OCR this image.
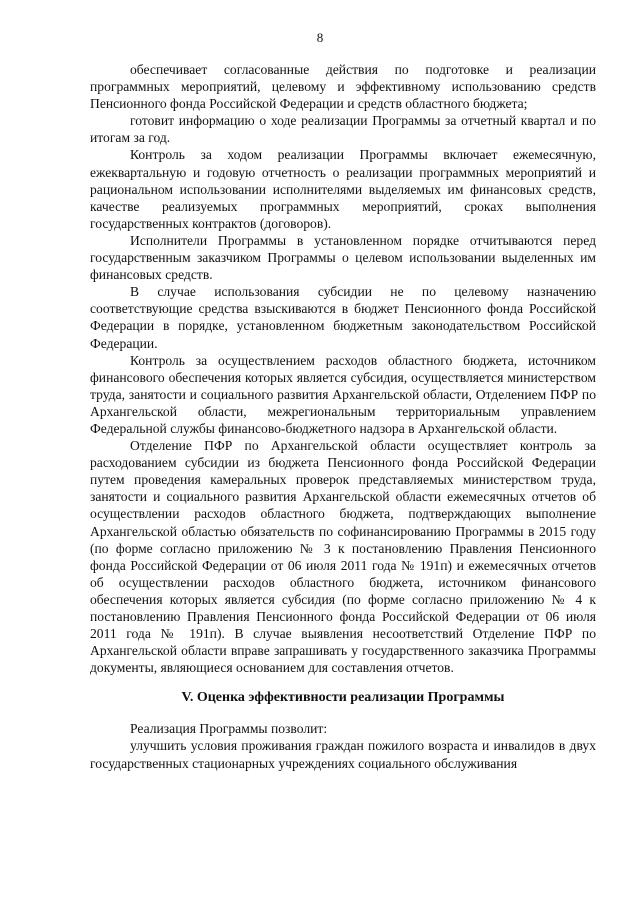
8

обеспечивает согласованные действия по подготовке и реализации программных мероприятий, целевому и эффективному использованию средств Пенсионного фонда Российской Федерации и средств областного бюджета;

готовит информацию о ходе реализации Программы за отчетный квартал и по итогам за год.

Контроль за ходом реализации Программы включает ежемесячную, ежеквартальную и годовую отчетность о реализации программных мероприятий и рациональном использовании исполнителями выделяемых им финансовых средств, качестве реализуемых программных мероприятий, сроках выполнения государственных контрактов (договоров).

Исполнители Программы в установленном порядке отчитываются перед государственным заказчиком Программы о целевом использовании выделенных им финансовых средств.

В случае использования субсидии не по целевому назначению соответствующие средства взыскиваются в бюджет Пенсионного фонда Российской Федерации в порядке, установленном бюджетным законодательством Российской Федерации.

Контроль за осуществлением расходов областного бюджета, источником финансового обеспечения которых является субсидия, осуществляется министерством труда, занятости и социального развития Архангельской области, Отделением ПФР по Архангельской области, межрегиональным территориальным управлением Федеральной службы финансово-бюджетного надзора в Архангельской области.

Отделение ПФР по Архангельской области осуществляет контроль за расходованием субсидии из бюджета Пенсионного фонда Российской Федерации путем проведения камеральных проверок представляемых министерством труда, занятости и социального развития Архангельской области ежемесячных отчетов об осуществлении расходов областного бюджета, подтверждающих выполнение Архангельской областью обязательств по софинансированию Программы в 2015 году (по форме согласно приложению № 3 к постановлению Правления Пенсионного фонда Российской Федерации от 06 июля 2011 года № 191п) и ежемесячных отчетов об осуществлении расходов областного бюджета, источником финансового обеспечения которых является субсидия (по форме согласно приложению № 4 к постановлению Правления Пенсионного фонда Российской Федерации от 06 июля 2011 года № 191п). В случае выявления несоответствий Отделение ПФР по Архангельской области вправе запрашивать у государственного заказчика Программы документы, являющиеся основанием для составления отчетов.

V. Оценка эффективности реализации Программы

Реализация Программы позволит:

улучшить условия проживания граждан пожилого возраста и инвалидов в двух государственных стационарных учреждениях социального обслуживания
